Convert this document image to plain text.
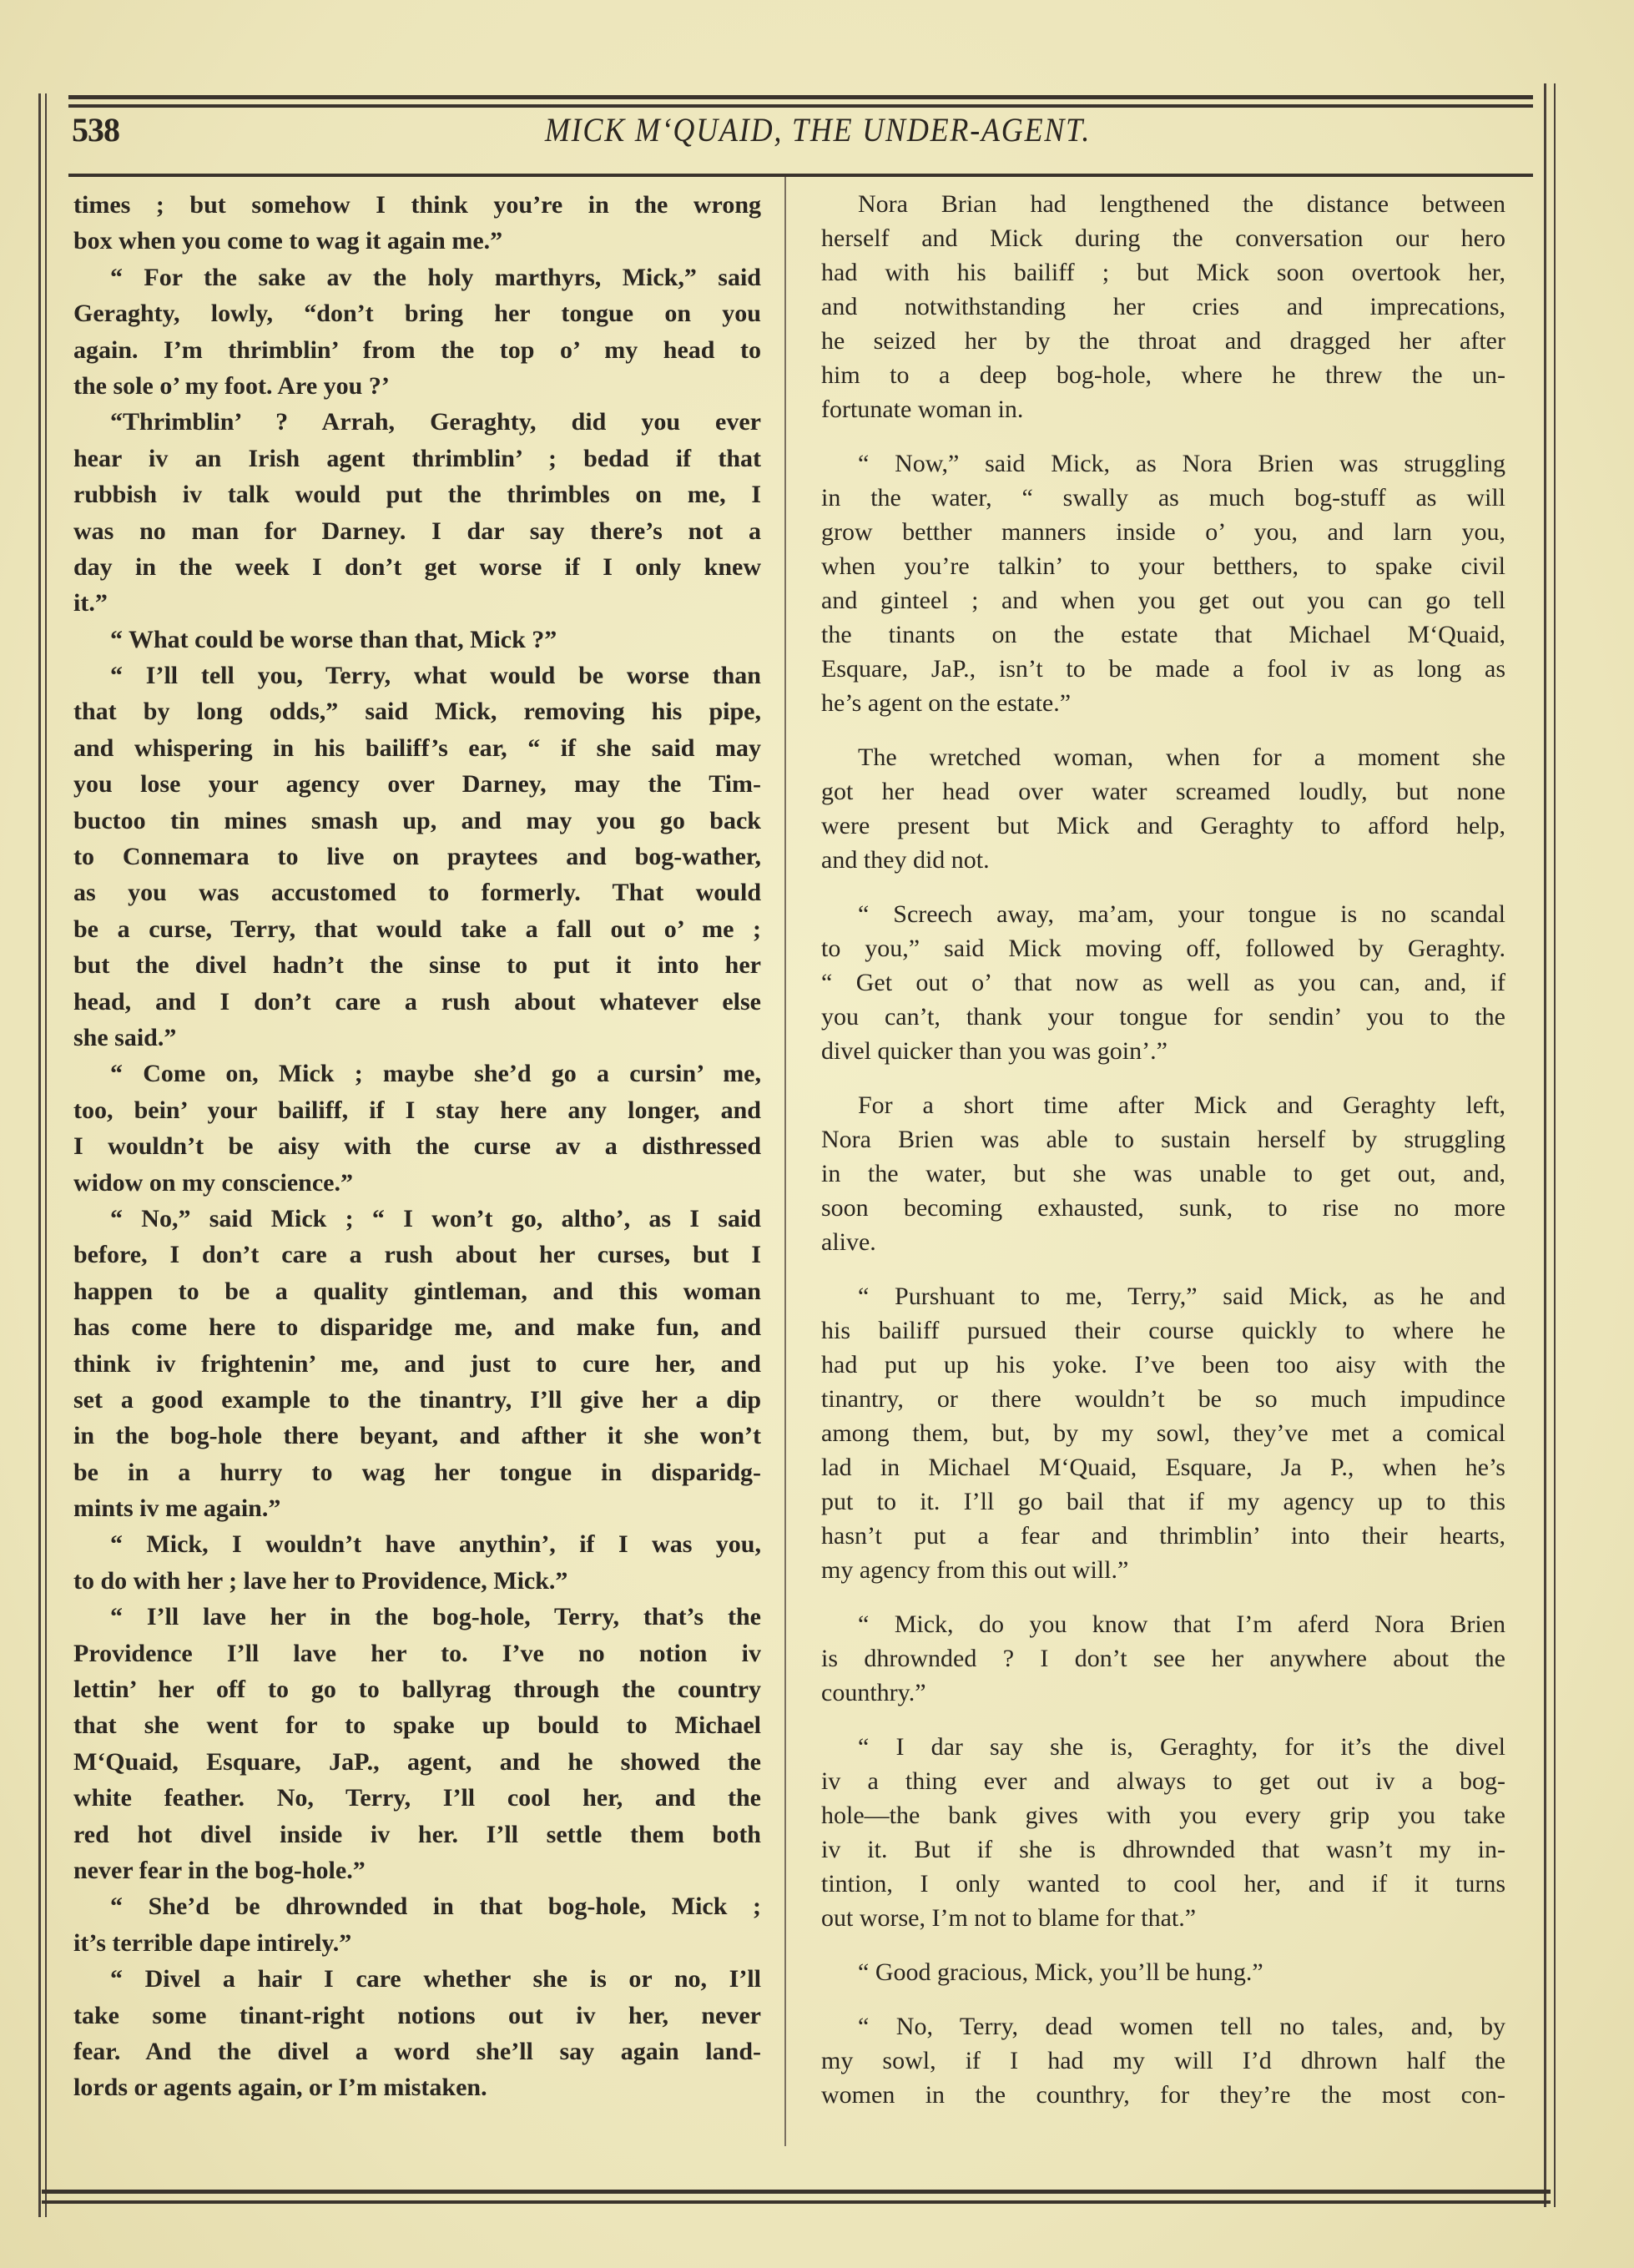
538	MICK M‘QUAID, THE UNDER-AGENT.
times ; but somehow I think you’re in the wrong
box when you come to wag it again me.”
“ For the sake av the holy marthyrs, Mick,” said
Geraghty, lowly, “don’t bring her tongue on you
again. I’m thrimblin’ from the top o’ my head to
the sole o’ my foot. Are you ?’
“Thrimblin’ ? Arrah, Geraghty, did you ever
hear iv an Irish agent thrimblin’ ; bedad if that
rubbish iv talk would put the thrimbles on me, I
was no man for Darney. I dar say there’s not a
day in the week I don’t get worse if I only knew
it.”
“ What could be worse than that, Mick ?”
“ I’ll tell you, Terry, what would be worse than
that by long odds,” said Mick, removing his pipe,
and whispering in his bailiff’s ear, “ if she said may
you lose your agency over Darney, may the Tim-
buctoo tin mines smash up, and may you go back
to Connemara to live on praytees and bog-wather,
as you was accustomed to formerly. That would
be a curse, Terry, that would take a fall out o’ me ;
but the divel hadn’t the sinse to put it into her
head, and I don’t care a rush about whatever else
she said.”
“ Come on, Mick ; maybe she’d go a cursin’ me,
too, bein’ your bailiff, if I stay here any longer, and
I wouldn’t be aisy with the curse av a disthressed
widow on my conscience.”
“ No,” said Mick ; “ I won’t go, altho’, as I said
before, I don’t care a rush about her curses, but I
happen to be a quality gintleman, and this woman
has come here to disparidge me, and make fun, and
think iv frightenin’ me, and just to cure her, and
set a good example to the tinantry, I’ll give her a dip
in the bog-hole there beyant, and afther it she won’t
be in a hurry to wag her tongue in disparidg-
mints iv me again.”
“ Mick, I wouldn’t have anythin’, if I was you,
to do with her ; lave her to Providence, Mick.”
“ I’ll lave her in the bog-hole, Terry, that’s the
Providence I’ll lave her to. I’ve no notion iv
lettin’ her off to go to ballyrag through the country
that she went for to spake up bould to Michael
M‘Quaid, Esquare, JaP., agent, and he showed the
white feather. No, Terry, I’ll cool her, and the
red hot divel inside iv her. I’ll settle them both
never fear in the bog-hole.”
“ She’d be dhrownded in that bog-hole, Mick ;
it’s terrible dape intirely.”
“ Divel a hair I care whether she is or no, I’ll
take some tinant-right notions out iv her, never
fear. And the divel a word she’ll say again land-
lords or agents again, or I’m mistaken.
Nora Brian had lengthened the distance between
herself and Mick during the conversation our hero
had with his bailiff ; but Mick soon overtook her,
and notwithstanding her cries and imprecations,
he seized her by the throat and dragged her after
him to a deep bog-hole, where he threw the un-
fortunate woman in.
“ Now,” said Mick, as Nora Brien was struggling
in the water, “ swally as much bog-stuff as will
grow betther manners inside o’ you, and larn you,
when you’re talkin’ to your betthers, to spake civil
and ginteel ; and when you get out you can go tell
the tinants on the estate that Michael M‘Quaid,
Esquare, JaP., isn’t to be made a fool iv as long as
he’s agent on the estate.”
The wretched woman, when for a moment she
got her head over water screamed loudly, but none
were present but Mick and Geraghty to afford help,
and they did not.
“ Screech away, ma’am, your tongue is no scandal
to you,” said Mick moving off, followed by Geraghty.
“ Get out o’ that now as well as you can, and, if
you can’t, thank your tongue for sendin’ you to the
divel quicker than you was goin’.”
For a short time after Mick and Geraghty left,
Nora Brien was able to sustain herself by struggling
in the water, but she was unable to get out, and,
soon becoming exhausted, sunk, to rise no more
alive.
“ Purshuant to me, Terry,” said Mick, as he and
his bailiff pursued their course quickly to where he
had put up his yoke. I’ve been too aisy with the
tinantry, or there wouldn’t be so much impudince
among them, but, by my sowl, they’ve met a comical
lad in Michael M‘Quaid, Esquare, Ja P., when he’s
put to it. I’ll go bail that if my agency up to this
hasn’t put a fear and thrimblin’ into their hearts,
my agency from this out will.”
“ Mick, do you know that I’m aferd Nora Brien
is dhrownded ? I don’t see her anywhere about the
counthry.”
“ I dar say she is, Geraghty, for it’s the divel
iv a thing ever and always to get out iv a bog-
hole—the bank gives with you every grip you take
iv it. But if she is dhrownded that wasn’t my in-
tintion, I only wanted to cool her, and if it turns
out worse, I’m not to blame for that.”
“ Good gracious, Mick, you’ll be hung.”
“ No, Terry, dead women tell no tales, and, by
my sowl, if I had my will I’d dhrown half the
women in the counthry, for they’re the most con-
